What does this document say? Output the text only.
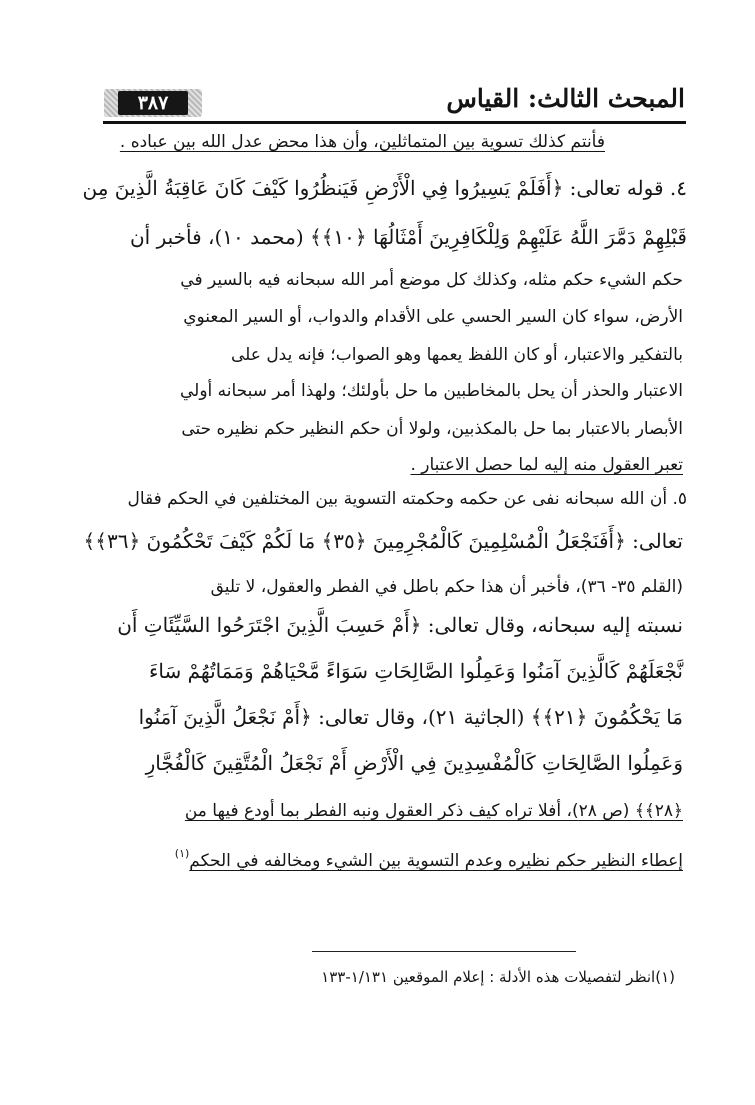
المبحث الثالث: القياس
٣٨٧
فأنتم كذلك تسوية بين المتماثلين، وأن هذا محض عدل الله بين عباده .
٤. قوله تعالى: ﴿أَفَلَمْ يَسِيرُوا فِي الْأَرْضِ فَيَنظُرُوا كَيْفَ كَانَ عَاقِبَةُ الَّذِينَ مِن
قَبْلِهِمْ دَمَّرَ اللَّهُ عَلَيْهِمْ وَلِلْكَافِرِينَ أَمْثَالُهَا ﴿١٠﴾﴾ (محمد ١٠)، فأخبر أن
حكم الشيء حكم مثله، وكذلك كل موضع أمر الله سبحانه فيه بالسير في
الأرض، سواء كان السير الحسي على الأقدام والدواب، أو السير المعنوي
بالتفكير والاعتبار، أو كان اللفظ يعمها وهو الصواب؛ فإنه يدل على
الاعتبار والحذر أن يحل بالمخاطبين ما حل بأولئك؛ ولهذا أمر سبحانه أولي
الأبصار بالاعتبار بما حل بالمكذبين، ولولا أن حكم النظير حكم نظيره حتى
تعبر العقول منه إليه لما حصل الاعتبار .
٥. أن الله سبحانه نفى عن حكمه وحكمته التسوية بين المختلفين في الحكم فقال
تعالى: ﴿أَفَنَجْعَلُ الْمُسْلِمِينَ كَالْمُجْرِمِينَ ﴿٣٥﴾ مَا لَكُمْ كَيْفَ تَحْكُمُونَ ﴿٣٦﴾﴾
(القلم ٣٥- ٣٦)، فأخبر أن هذا حكم باطل في الفطر والعقول، لا تليق
نسبته إليه سبحانه، وقال تعالى: ﴿أَمْ حَسِبَ الَّذِينَ اجْتَرَحُوا السَّيِّئَاتِ أَن
نَّجْعَلَهُمْ كَالَّذِينَ آمَنُوا وَعَمِلُوا الصَّالِحَاتِ سَوَاءً مَّحْيَاهُمْ وَمَمَاتُهُمْ سَاءَ
مَا يَحْكُمُونَ ﴿٢١﴾﴾ (الجاثية ٢١)، وقال تعالى: ﴿أَمْ نَجْعَلُ الَّذِينَ آمَنُوا
وَعَمِلُوا الصَّالِحَاتِ كَالْمُفْسِدِينَ فِي الْأَرْضِ أَمْ نَجْعَلُ الْمُتَّقِينَ كَالْفُجَّارِ
﴿٢٨﴾﴾ (ص ٢٨)، أفلا تراه كيف ذكر العقول ونبه الفطر بما أودع فيها من
إعطاء النظير حكم نظيره وعدم التسوية بين الشيء ومخالفه في الحكم$^{(١)}$
(١)انظر لتفصيلات هذه الأدلة : إعلام الموقعين ١/١٣١-١٣٣
